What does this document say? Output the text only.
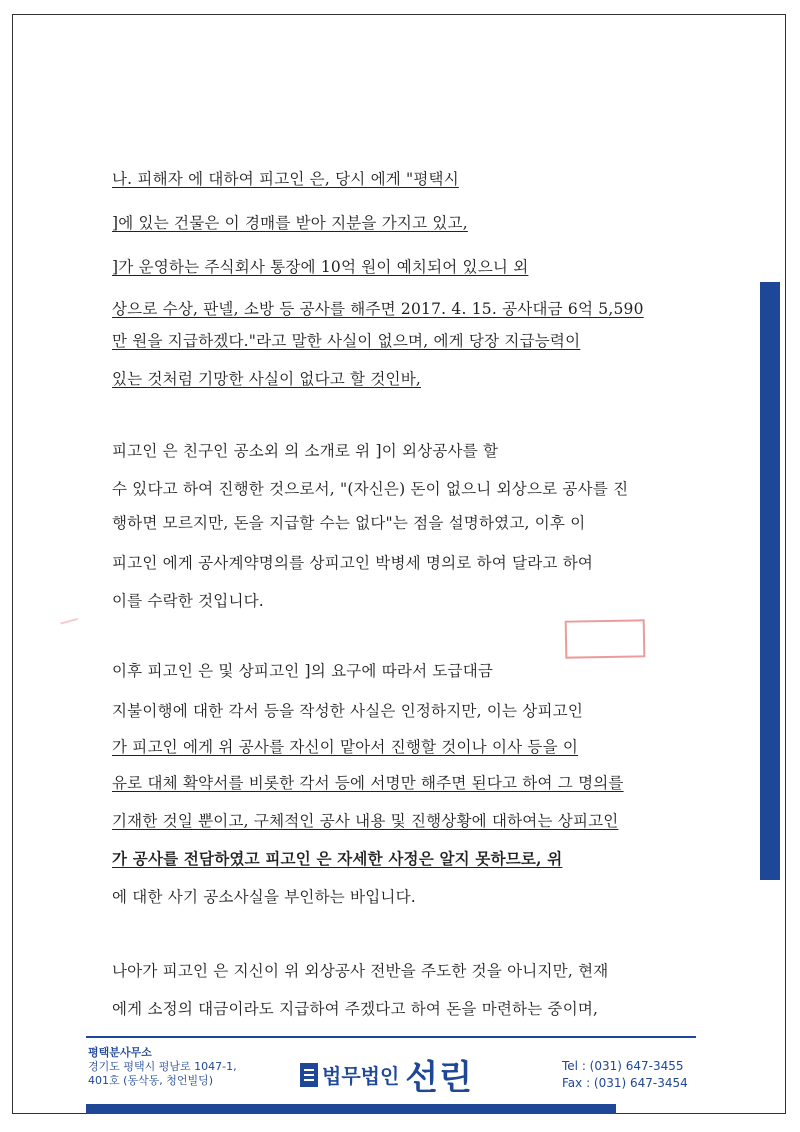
나. 피해자 에 대하여 피고인 은, 당시 에게 "평택시
]에 있는 건물은 이 경매를 받아 지분을 가지고 있고,
]가 운영하는 주식회사 통장에 10억 원이 예치되어 있으니 외
상으로 수상, 판넬, 소방 등 공사를 해주면 2017. 4. 15. 공사대금 6억 5,590
만 원을 지급하겠다."라고 말한 사실이 없으며, 에게 당장 지급능력이
있는 것처럼 기망한 사실이 없다고 할 것인바,
피고인 은 친구인 공소외 의 소개로 위 ]이 외상공사를 할
수 있다고 하여 진행한 것으로서, "(자신은) 돈이 없으니 외상으로 공사를 진
행하면 모르지만, 돈을 지급할 수는 없다"는 점을 설명하였고, 이후 이
피고인 에게 공사계약명의를 상피고인 박병세 명의로 하여 달라고 하여
이를 수락한 것입니다.
이후 피고인 은 및 상피고인 ]의 요구에 따라서 도급대금
지불이행에 대한 각서 등을 작성한 사실은 인정하지만, 이는 상피고인
가 피고인 에게 위 공사를 자신이 맡아서 진행할 것이나 이사 등을 이
유로 대체 확약서를 비롯한 각서 등에 서명만 해주면 된다고 하여 그 명의를
기재한 것일 뿐이고, 구체적인 공사 내용 및 진행상황에 대하여는 상피고인
가 공사를 전담하였고 피고인 은 자세한 사정은 알지 못하므로, 위
에 대한 사기 공소사실을 부인하는 바입니다.
나아가 피고인 은 지신이 위 외상공사 전반을 주도한 것을 아니지만, 현재
에게 소정의 대금이라도 지급하여 주겠다고 하여 돈을 마련하는 중이며,
평택분사무소
경기도 평택시 평남로 1047-1,
401호 (동삭동, 청언빌딩)	법무법인 선린	Tel : (031) 647-3455
Fax : (031) 647-3454
